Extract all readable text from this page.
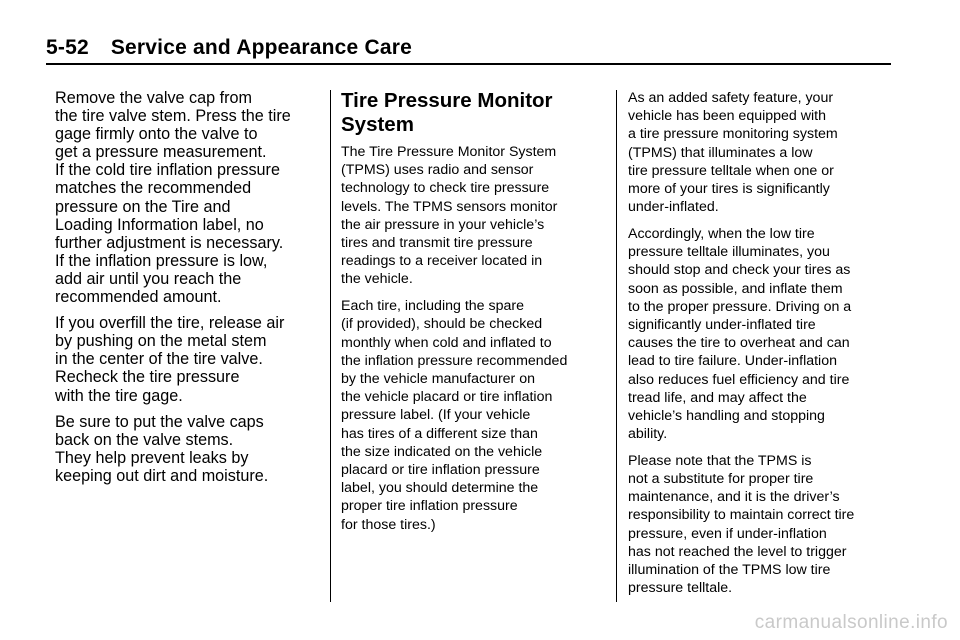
5-52 Service and Appearance Care

Remove the valve cap from
the tire valve stem. Press the tire
gage firmly onto the valve to
get a pressure measurement.
If the cold tire inflation pressure
matches the recommended
pressure on the Tire and
Loading Information label, no
further adjustment is necessary.
If the inflation pressure is low,
add air until you reach the
recommended amount.

If you overfill the tire, release air
by pushing on the metal stem
in the center of the tire valve.
Recheck the tire pressure
with the tire gage.

Be sure to put the valve caps
back on the valve stems.
They help prevent leaks by
keeping out dirt and moisture.

Tire Pressure Monitor
System

The Tire Pressure Monitor System
(TPMS) uses radio and sensor
technology to check tire pressure
levels. The TPMS sensors monitor
the air pressure in your vehicle’s
tires and transmit tire pressure
readings to a receiver located in
the vehicle.

Each tire, including the spare
(if provided), should be checked
monthly when cold and inflated to
the inflation pressure recommended
by the vehicle manufacturer on
the vehicle placard or tire inflation
pressure label. (If your vehicle
has tires of a different size than
the size indicated on the vehicle
placard or tire inflation pressure
label, you should determine the
proper tire inflation pressure
for those tires.)

As an added safety feature, your
vehicle has been equipped with
a tire pressure monitoring system
(TPMS) that illuminates a low
tire pressure telltale when one or
more of your tires is significantly
under-inflated.

Accordingly, when the low tire
pressure telltale illuminates, you
should stop and check your tires as
soon as possible, and inflate them
to the proper pressure. Driving on a
significantly under-inflated tire
causes the tire to overheat and can
lead to tire failure. Under-inflation
also reduces fuel efficiency and tire
tread life, and may affect the
vehicle’s handling and stopping
ability.

Please note that the TPMS is
not a substitute for proper tire
maintenance, and it is the driver’s
responsibility to maintain correct tire
pressure, even if under-inflation
has not reached the level to trigger
illumination of the TPMS low tire
pressure telltale.

carmanualsonline.info
